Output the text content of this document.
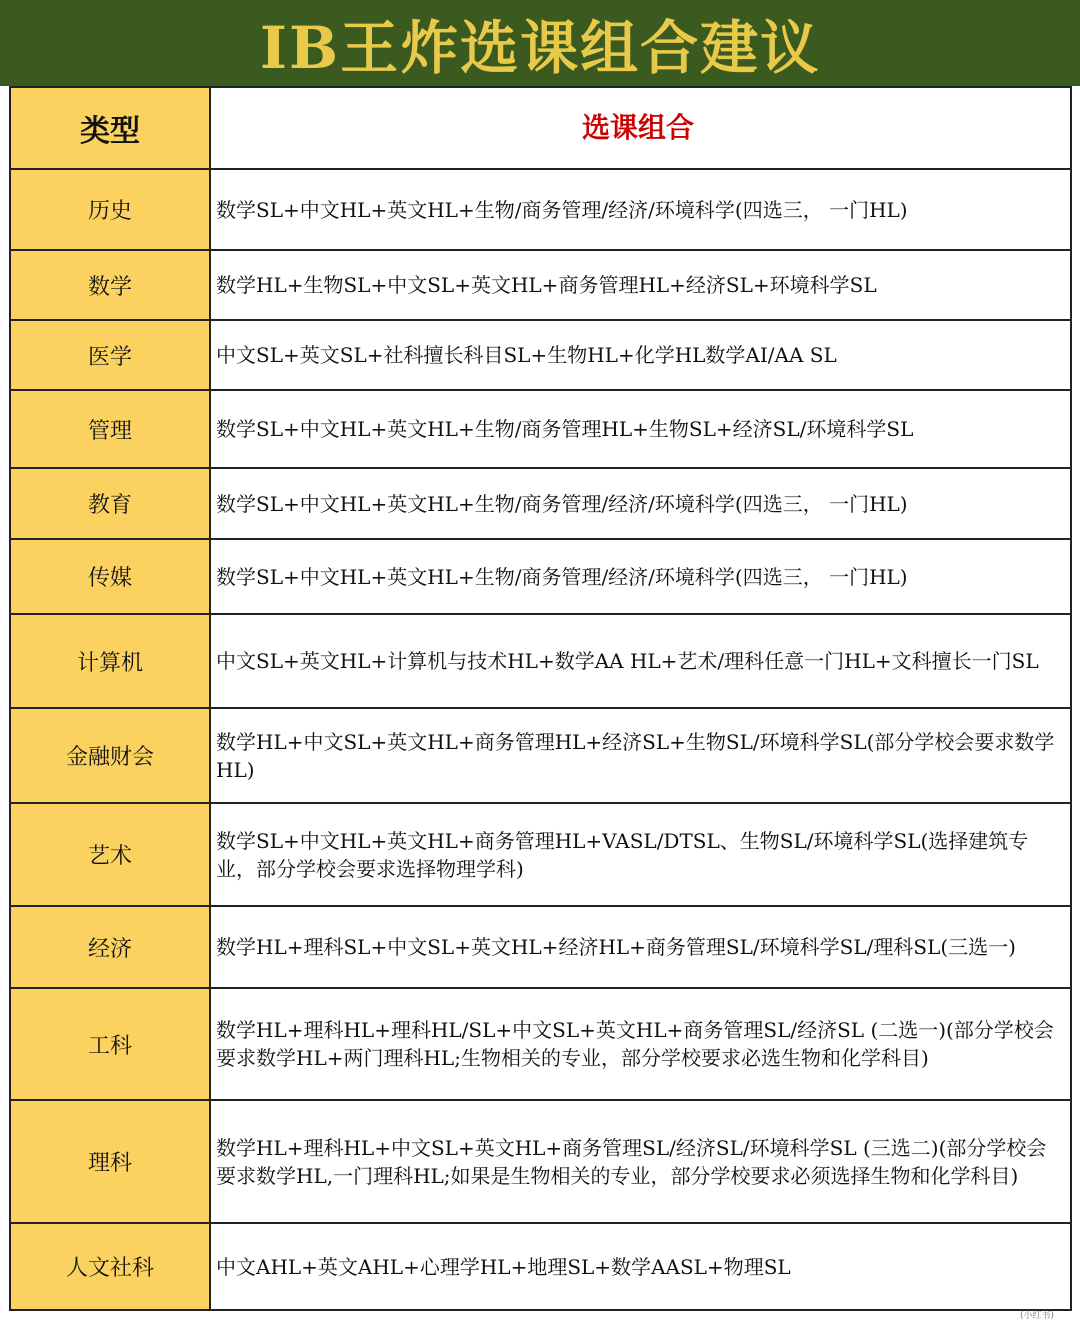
IB王炸选课组合建议
类型	选课组合
历史	数学SL+中文HL+英文HL+生物/商务管理/经济/环境科学(四选三， 一门HL)
数学	数学HL+生物SL+中文SL+英文HL+商务管理HL+经济SL+环境科学SL
医学	中文SL+英文SL+社科擅长科目SL+生物HL+化学HL数学AI/AA SL
管理	数学SL+中文HL+英文HL+生物/商务管理HL+生物SL+经济SL/环境科学SL
教育	数学SL+中文HL+英文HL+生物/商务管理/经济/环境科学(四选三， 一门HL)
传媒	数学SL+中文HL+英文HL+生物/商务管理/经济/环境科学(四选三， 一门HL)
计算机	中文SL+英文HL+计算机与技术HL+数学AA HL+艺术/理科任意一门HL+文科擅长一门SL
金融财会	数学HL+中文SL+英文HL+商务管理HL+经济SL+生物SL/环境科学SL(部分学校会要求数学HL)
艺术	数学SL+中文HL+英文HL+商务管理HL+VASL/DTSL、生物SL/环境科学SL(选择建筑专业，部分学校会要求选择物理学科)
经济	数学HL+理科SL+中文SL+英文HL+经济HL+商务管理SL/环境科学SL/理科SL(三选一)
工科	数学HL+理科HL+理科HL/SL+中文SL+英文HL+商务管理SL/经济SL (二选一)(部分学校会要求数学HL+两门理科HL;生物相关的专业，部分学校要求必选生物和化学科目)
理科	数学HL+理科HL+中文SL+英文HL+商务管理SL/经济SL/环境科学SL (三选二)(部分学校会要求数学HL,一门理科HL;如果是生物相关的专业，部分学校要求必须选择生物和化学科目)
人文社科	中文AHL+英文AHL+心理学HL+地理SL+数学AASL+物理SL
(小红书)
